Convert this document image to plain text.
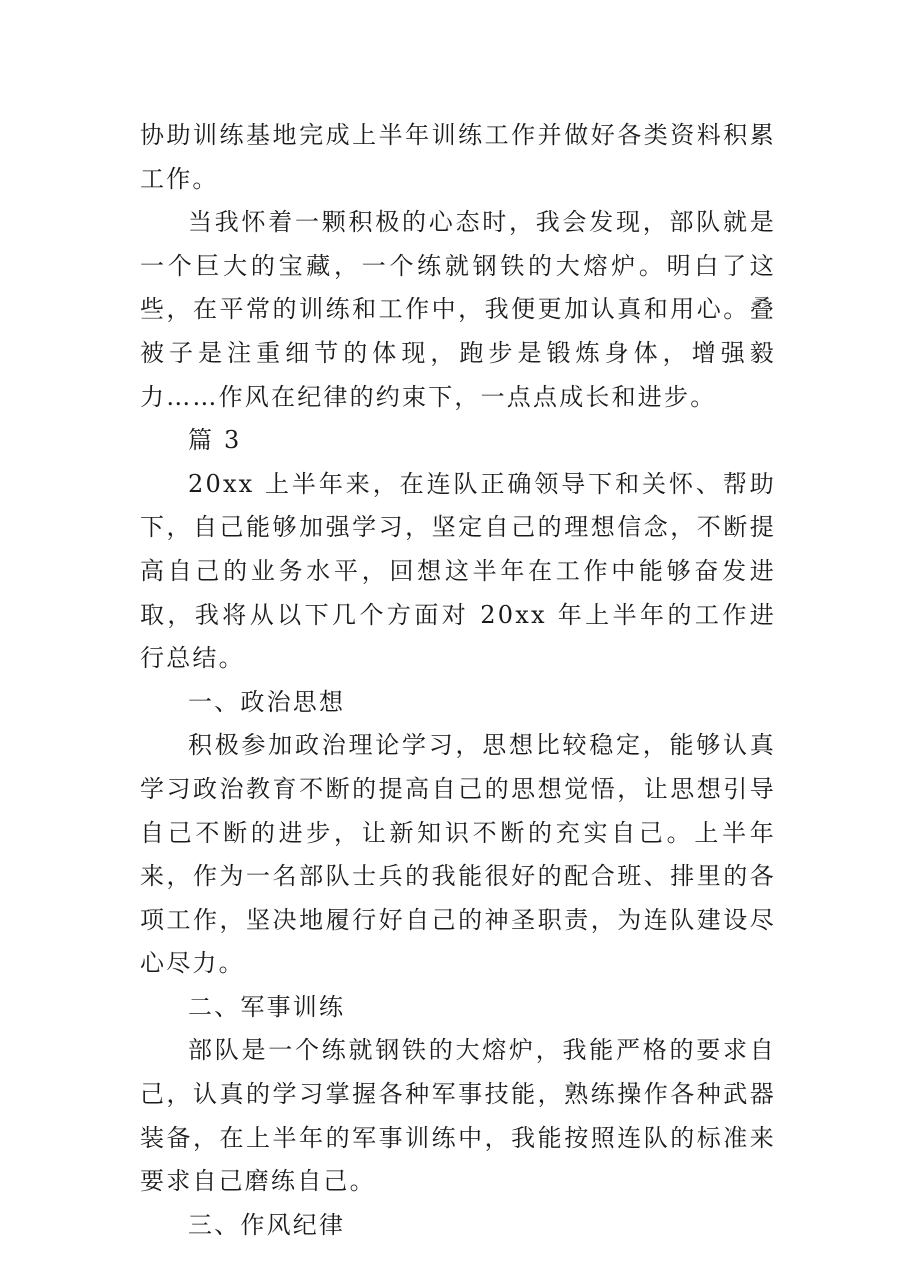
协助训练基地完成上半年训练工作并做好各类资料积累工作。

当我怀着一颗积极的心态时，我会发现，部队就是一个巨大的宝藏，一个练就钢铁的大熔炉。明白了这些，在平常的训练和工作中，我便更加认真和用心。叠被子是注重细节的体现，跑步是锻炼身体，增强毅力……作风在纪律的约束下，一点点成长和进步。

篇 3

20xx 上半年来，在连队正确领导下和关怀、帮助下，自己能够加强学习，坚定自己的理想信念，不断提高自己的业务水平，回想这半年在工作中能够奋发进取，我将从以下几个方面对 20xx 年上半年的工作进行总结。

一、政治思想

积极参加政治理论学习，思想比较稳定，能够认真学习政治教育不断的提高自己的思想觉悟，让思想引导自己不断的进步，让新知识不断的充实自己。上半年来，作为一名部队士兵的我能很好的配合班、排里的各项工作，坚决地履行好自己的神圣职责，为连队建设尽心尽力。

二、军事训练

部队是一个练就钢铁的大熔炉，我能严格的要求自己，认真的学习掌握各种军事技能，熟练操作各种武器装备，在上半年的军事训练中，我能按照连队的标准来要求自己磨练自己。

三、作风纪律
